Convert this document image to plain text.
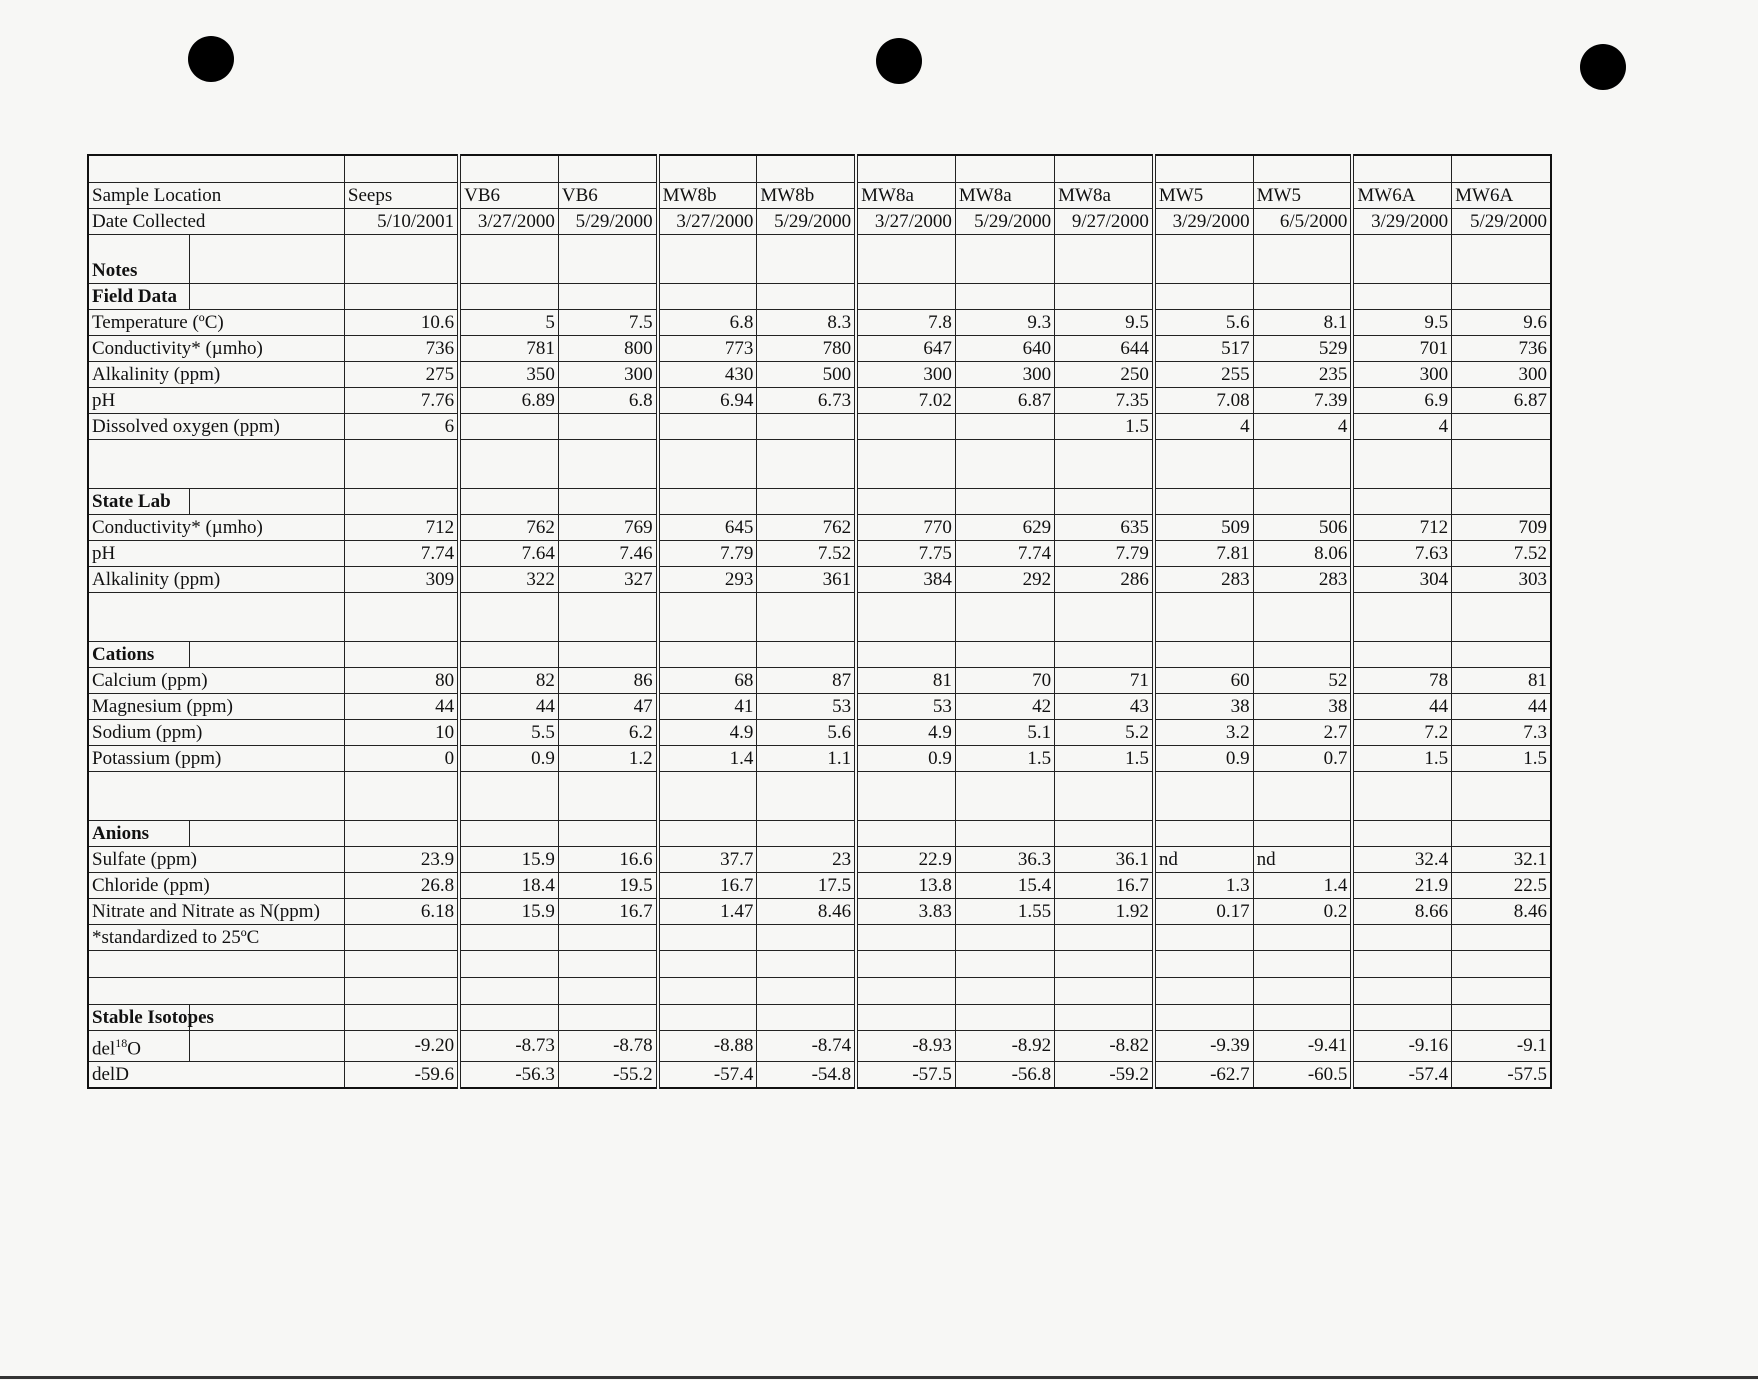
Sample Location		Seeps	VB6	VB6	MW8b	MW8b	MW8a	MW8a	MW8a	MW5	MW5	MW6A	MW6A
Date Collected		5/10/2001	3/27/2000	5/29/2000	3/27/2000	5/29/2000	3/27/2000	5/29/2000	9/27/2000	3/29/2000	6/5/2000	3/29/2000	5/29/2000
Notes													
Field Data													
Temperature (ºC)		10.6	5	7.5	6.8	8.3	7.8	9.3	9.5	5.6	8.1	9.5	9.6
Conductivity* (µmho)		736	781	800	773	780	647	640	644	517	529	701	736
Alkalinity (ppm)		275	350	300	430	500	300	300	250	255	235	300	300
pH		7.76	6.89	6.8	6.94	6.73	7.02	6.87	7.35	7.08	7.39	6.9	6.87
Dissolved oxygen (ppm)		6							1.5	4	4	4	

State Lab													
Conductivity* (µmho)		712	762	769	645	762	770	629	635	509	506	712	709
pH		7.74	7.64	7.46	7.79	7.52	7.75	7.74	7.79	7.81	8.06	7.63	7.52
Alkalinity (ppm)		309	322	327	293	361	384	292	286	283	283	304	303

Cations													
Calcium (ppm)		80	82	86	68	87	81	70	71	60	52	78	81
Magnesium (ppm)		44	44	47	41	53	53	42	43	38	38	44	44
Sodium (ppm)		10	5.5	6.2	4.9	5.6	4.9	5.1	5.2	3.2	2.7	7.2	7.3
Potassium (ppm)		0	0.9	1.2	1.4	1.1	0.9	1.5	1.5	0.9	0.7	1.5	1.5

Anions													
Sulfate (ppm)		23.9	15.9	16.6	37.7	23	22.9	36.3	36.1	nd	nd	32.4	32.1
Chloride (ppm)		26.8	18.4	19.5	16.7	17.5	13.8	15.4	16.7	1.3	1.4	21.9	22.5
Nitrate and Nitrate as N(ppm)		6.18	15.9	16.7	1.47	8.46	3.83	1.55	1.92	0.17	0.2	8.66	8.46
*standardized to 25ºC													

Stable Isotopes													
del$^{18}$O		-9.20	-8.73	-8.78	-8.88	-8.74	-8.93	-8.92	-8.82	-9.39	-9.41	-9.16	-9.1
delD		-59.6	-56.3	-55.2	-57.4	-54.8	-57.5	-56.8	-59.2	-62.7	-60.5	-57.4	-57.5
